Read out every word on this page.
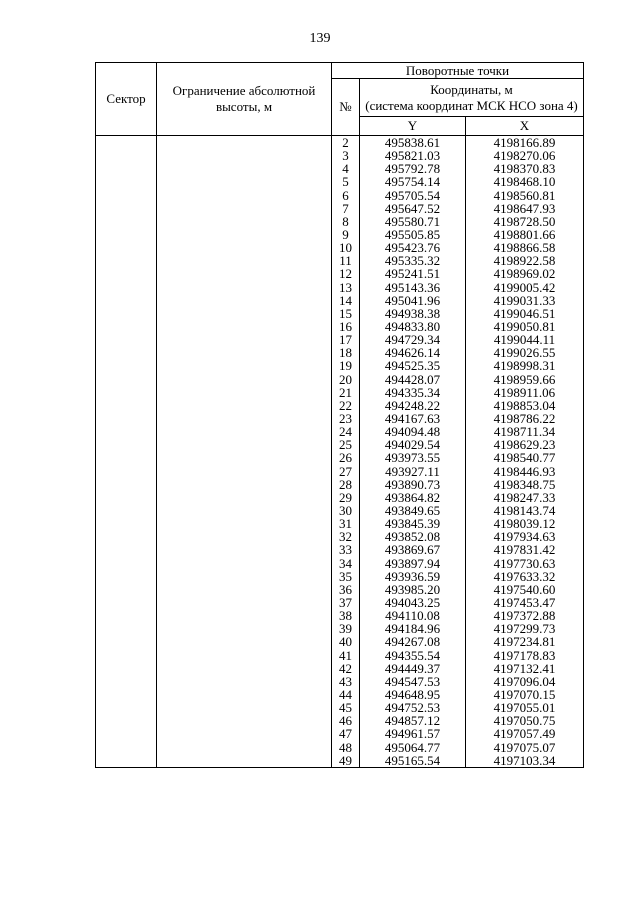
139
Сектор	Ограничение абсолютной высоты, м	Поворотные точки		
		№	Координаты, м
(система координат МСК НСО зона 4)	

			Y	X
		2	495838.61	4198166.89
		3	495821.03	4198270.06
		4	495792.78	4198370.83
		5	495754.14	4198468.10
		6	495705.54	4198560.81
		7	495647.52	4198647.93
		8	495580.71	4198728.50
		9	495505.85	4198801.66
		10	495423.76	4198866.58
		11	495335.32	4198922.58
		12	495241.51	4198969.02
		13	495143.36	4199005.42
		14	495041.96	4199031.33
		15	494938.38	4199046.51
		16	494833.80	4199050.81
		17	494729.34	4199044.11
		18	494626.14	4199026.55
		19	494525.35	4198998.31
		20	494428.07	4198959.66
		21	494335.34	4198911.06
		22	494248.22	4198853.04
		23	494167.63	4198786.22
		24	494094.48	4198711.34
		25	494029.54	4198629.23
		26	493973.55	4198540.77
		27	493927.11	4198446.93
		28	493890.73	4198348.75
		29	493864.82	4198247.33
		30	493849.65	4198143.74
		31	493845.39	4198039.12
		32	493852.08	4197934.63
		33	493869.67	4197831.42
		34	493897.94	4197730.63
		35	493936.59	4197633.32
		36	493985.20	4197540.60
		37	494043.25	4197453.47
		38	494110.08	4197372.88
		39	494184.96	4197299.73
		40	494267.08	4197234.81
		41	494355.54	4197178.83
		42	494449.37	4197132.41
		43	494547.53	4197096.04
		44	494648.95	4197070.15
		45	494752.53	4197055.01
		46	494857.12	4197050.75
		47	494961.57	4197057.49
		48	495064.77	4197075.07
		49	495165.54	4197103.34
